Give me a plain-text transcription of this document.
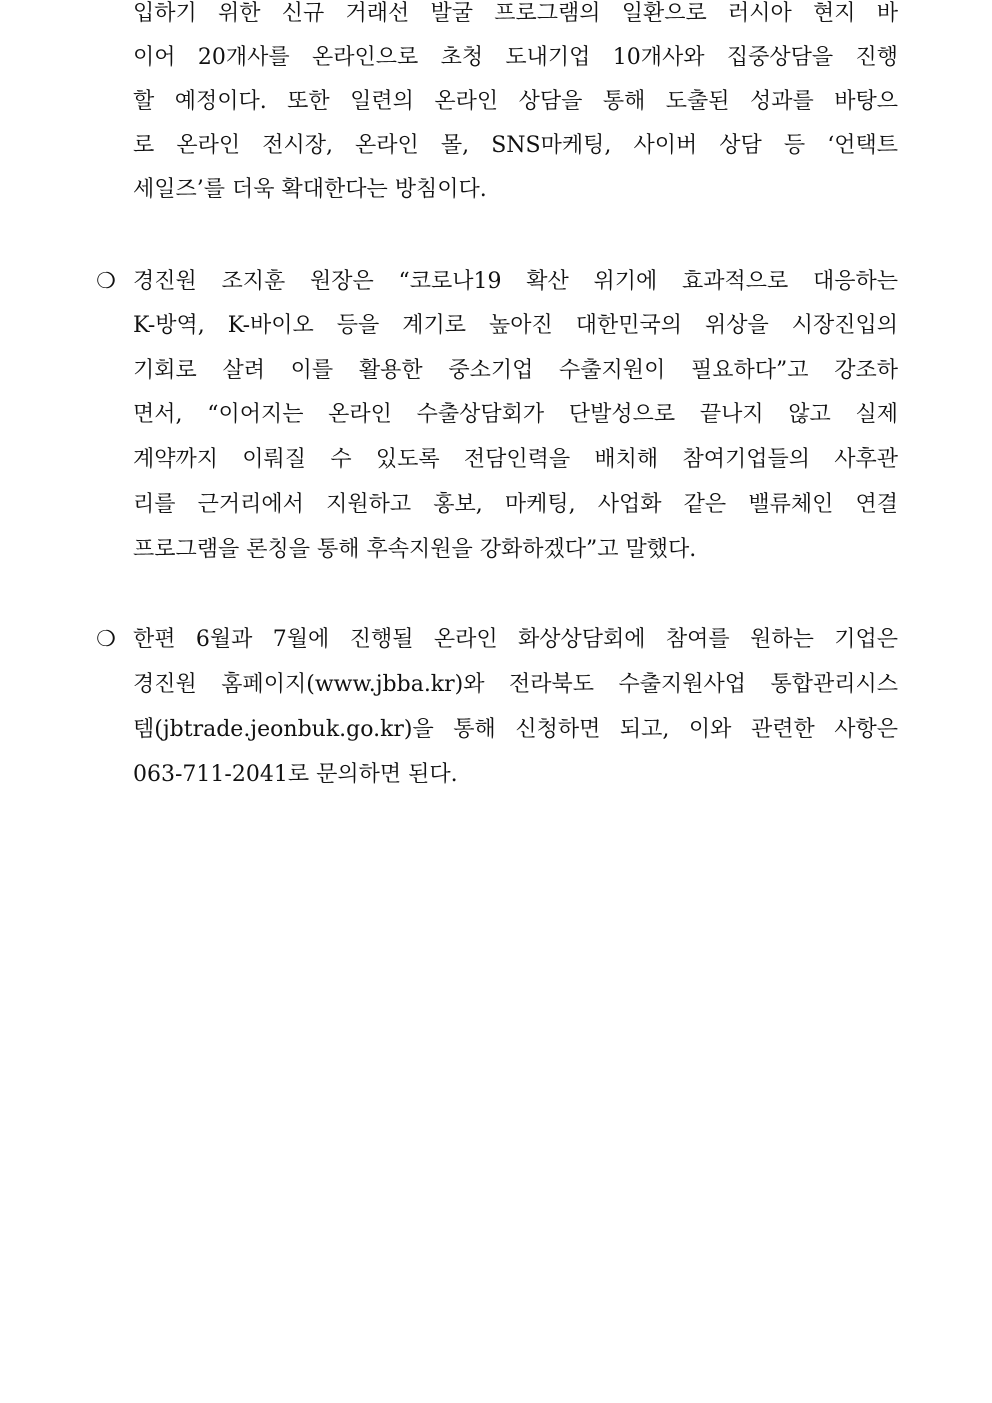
입하기 위한 신규 거래선 발굴 프로그램의 일환으로 러시아 현지 바
이어 20개사를 온라인으로 초청 도내기업 10개사와 집중상담을 진행
할 예정이다. 또한 일련의 온라인 상담을 통해 도출된 성과를 바탕으
로 온라인 전시장, 온라인 몰, SNS마케팅, 사이버 상담 등 ‘언택트
세일즈’를 더욱 확대한다는 방침이다.
❍ 경진원 조지훈 원장은 “코로나19 확산 위기에 효과적으로 대응하는
K-방역, K-바이오 등을 계기로 높아진 대한민국의 위상을 시장진입의
기회로 살려 이를 활용한 중소기업 수출지원이 필요하다”고 강조하
면서, “이어지는 온라인 수출상담회가 단발성으로 끝나지 않고 실제
계약까지 이뤄질 수 있도록 전담인력을 배치해 참여기업들의 사후관
리를 근거리에서 지원하고 홍보, 마케팅, 사업화 같은 밸류체인 연결
프로그램을 론칭을 통해 후속지원을 강화하겠다”고 말했다.
❍ 한편 6월과 7월에 진행될 온라인 화상상담회에 참여를 원하는 기업은
경진원 홈페이지(www.jbba.kr)와 전라북도 수출지원사업 통합관리시스
템(jbtrade.jeonbuk.go.kr)을 통해 신청하면 되고, 이와 관련한 사항은
063-711-2041로 문의하면 된다.
